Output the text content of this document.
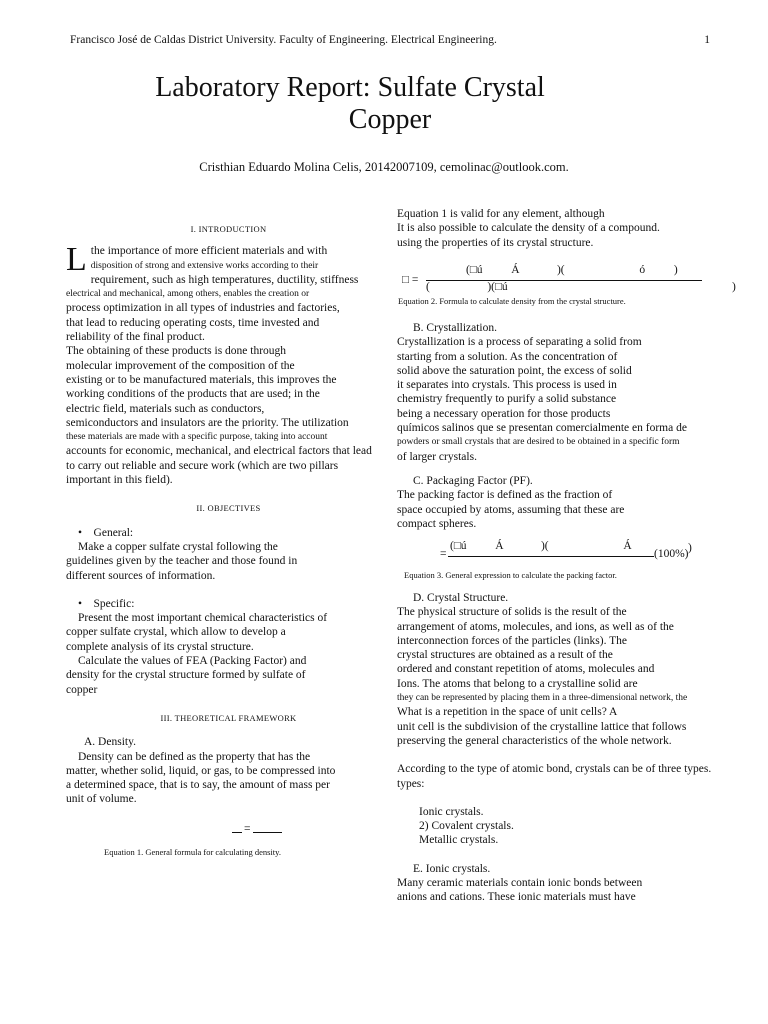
Francisco José de Caldas District University. Faculty of Engineering. Electrical Engineering.	1
Laboratory Report: Sulfate Crystal
Copper
Cristhian Eduardo Molina Celis, 20142007109, cemolinac@outlook.com.
I. INTRODUCTION
L the importance of more efficient materials and with
disposition of strong and extensive works according to their
requirement, such as high temperatures, ductility, stiffness
electrical and mechanical, among others, enables the creation or
process optimization in all types of industries and factories,
that lead to reducing operating costs, time invested and
reliability of the final product.
The obtaining of these products is done through
molecular improvement of the composition of the
existing or to be manufactured materials, this improves the
working conditions of the products that are used; in the
electric field, materials such as conductors,
semiconductors and insulators are the priority. The utilization
these materials are made with a specific purpose, taking into account
accounts for economic, mechanical, and electrical factors that lead
to carry out reliable and secure work (which are two pillars
important in this field).
II. OBJECTIVES
•    General:
Make a copper sulfate crystal following the
guidelines given by the teacher and those found in
different sources of information.
•    Specific:
Present the most important chemical characteristics of
copper sulfate crystal, which allow to develop a
complete analysis of its crystal structure.
Calculate the values of FEA (Packing Factor) and
density for the crystal structure formed by sulfate of
copper
III. THEORETICAL FRAMEWORK
A. Density.
Density can be defined as the property that has the
matter, whether solid, liquid, or gas, to be compressed into
a determined space, that is to say, the amount of mass per
unit of volume.
=
Equation 1. General formula for calculating density.
Equation 1 is valid for any element, although
It is also possible to calculate the density of a compound.
using the properties of its crystal structure.
□ =
(□ú          Á             )(                          ó          )
(                    )(□ú	)
Equation 2. Formula to calculate density from the crystal structure.
B. Crystallization.
Crystallization is a process of separating a solid from
starting from a solution. As the concentration of
solid above the saturation point, the excess of solid
it separates into crystals. This process is used in
chemistry frequently to purify a solid substance
being a necessary operation for those products
químicos salinos que se presentan comercialmente en forma de
powders or small crystals that are desired to be obtained in a specific form
of larger crystals.
C. Packaging Factor (PF).
The packing factor is defined as the fraction of
space occupied by atoms, assuming that these are
compact spheres.
(□ú          Á             )(                          Á
=	(100%) )
Equation 3. General expression to calculate the packing factor.
D. Crystal Structure.
The physical structure of solids is the result of the
arrangement of atoms, molecules, and ions, as well as of the
interconnection forces of the particles (links). The
crystal structures are obtained as a result of the
ordered and constant repetition of atoms, molecules and
Ions. The atoms that belong to a crystalline solid are
they can be represented by placing them in a three-dimensional network, the
What is a repetition in the space of unit cells? A
unit cell is the subdivision of the crystalline lattice that follows
preserving the general characteristics of the whole network.
According to the type of atomic bond, crystals can be of three types.
types:
Ionic crystals.
2) Covalent crystals.
Metallic crystals.
E. Ionic crystals.
Many ceramic materials contain ionic bonds between
anions and cations. These ionic materials must have
